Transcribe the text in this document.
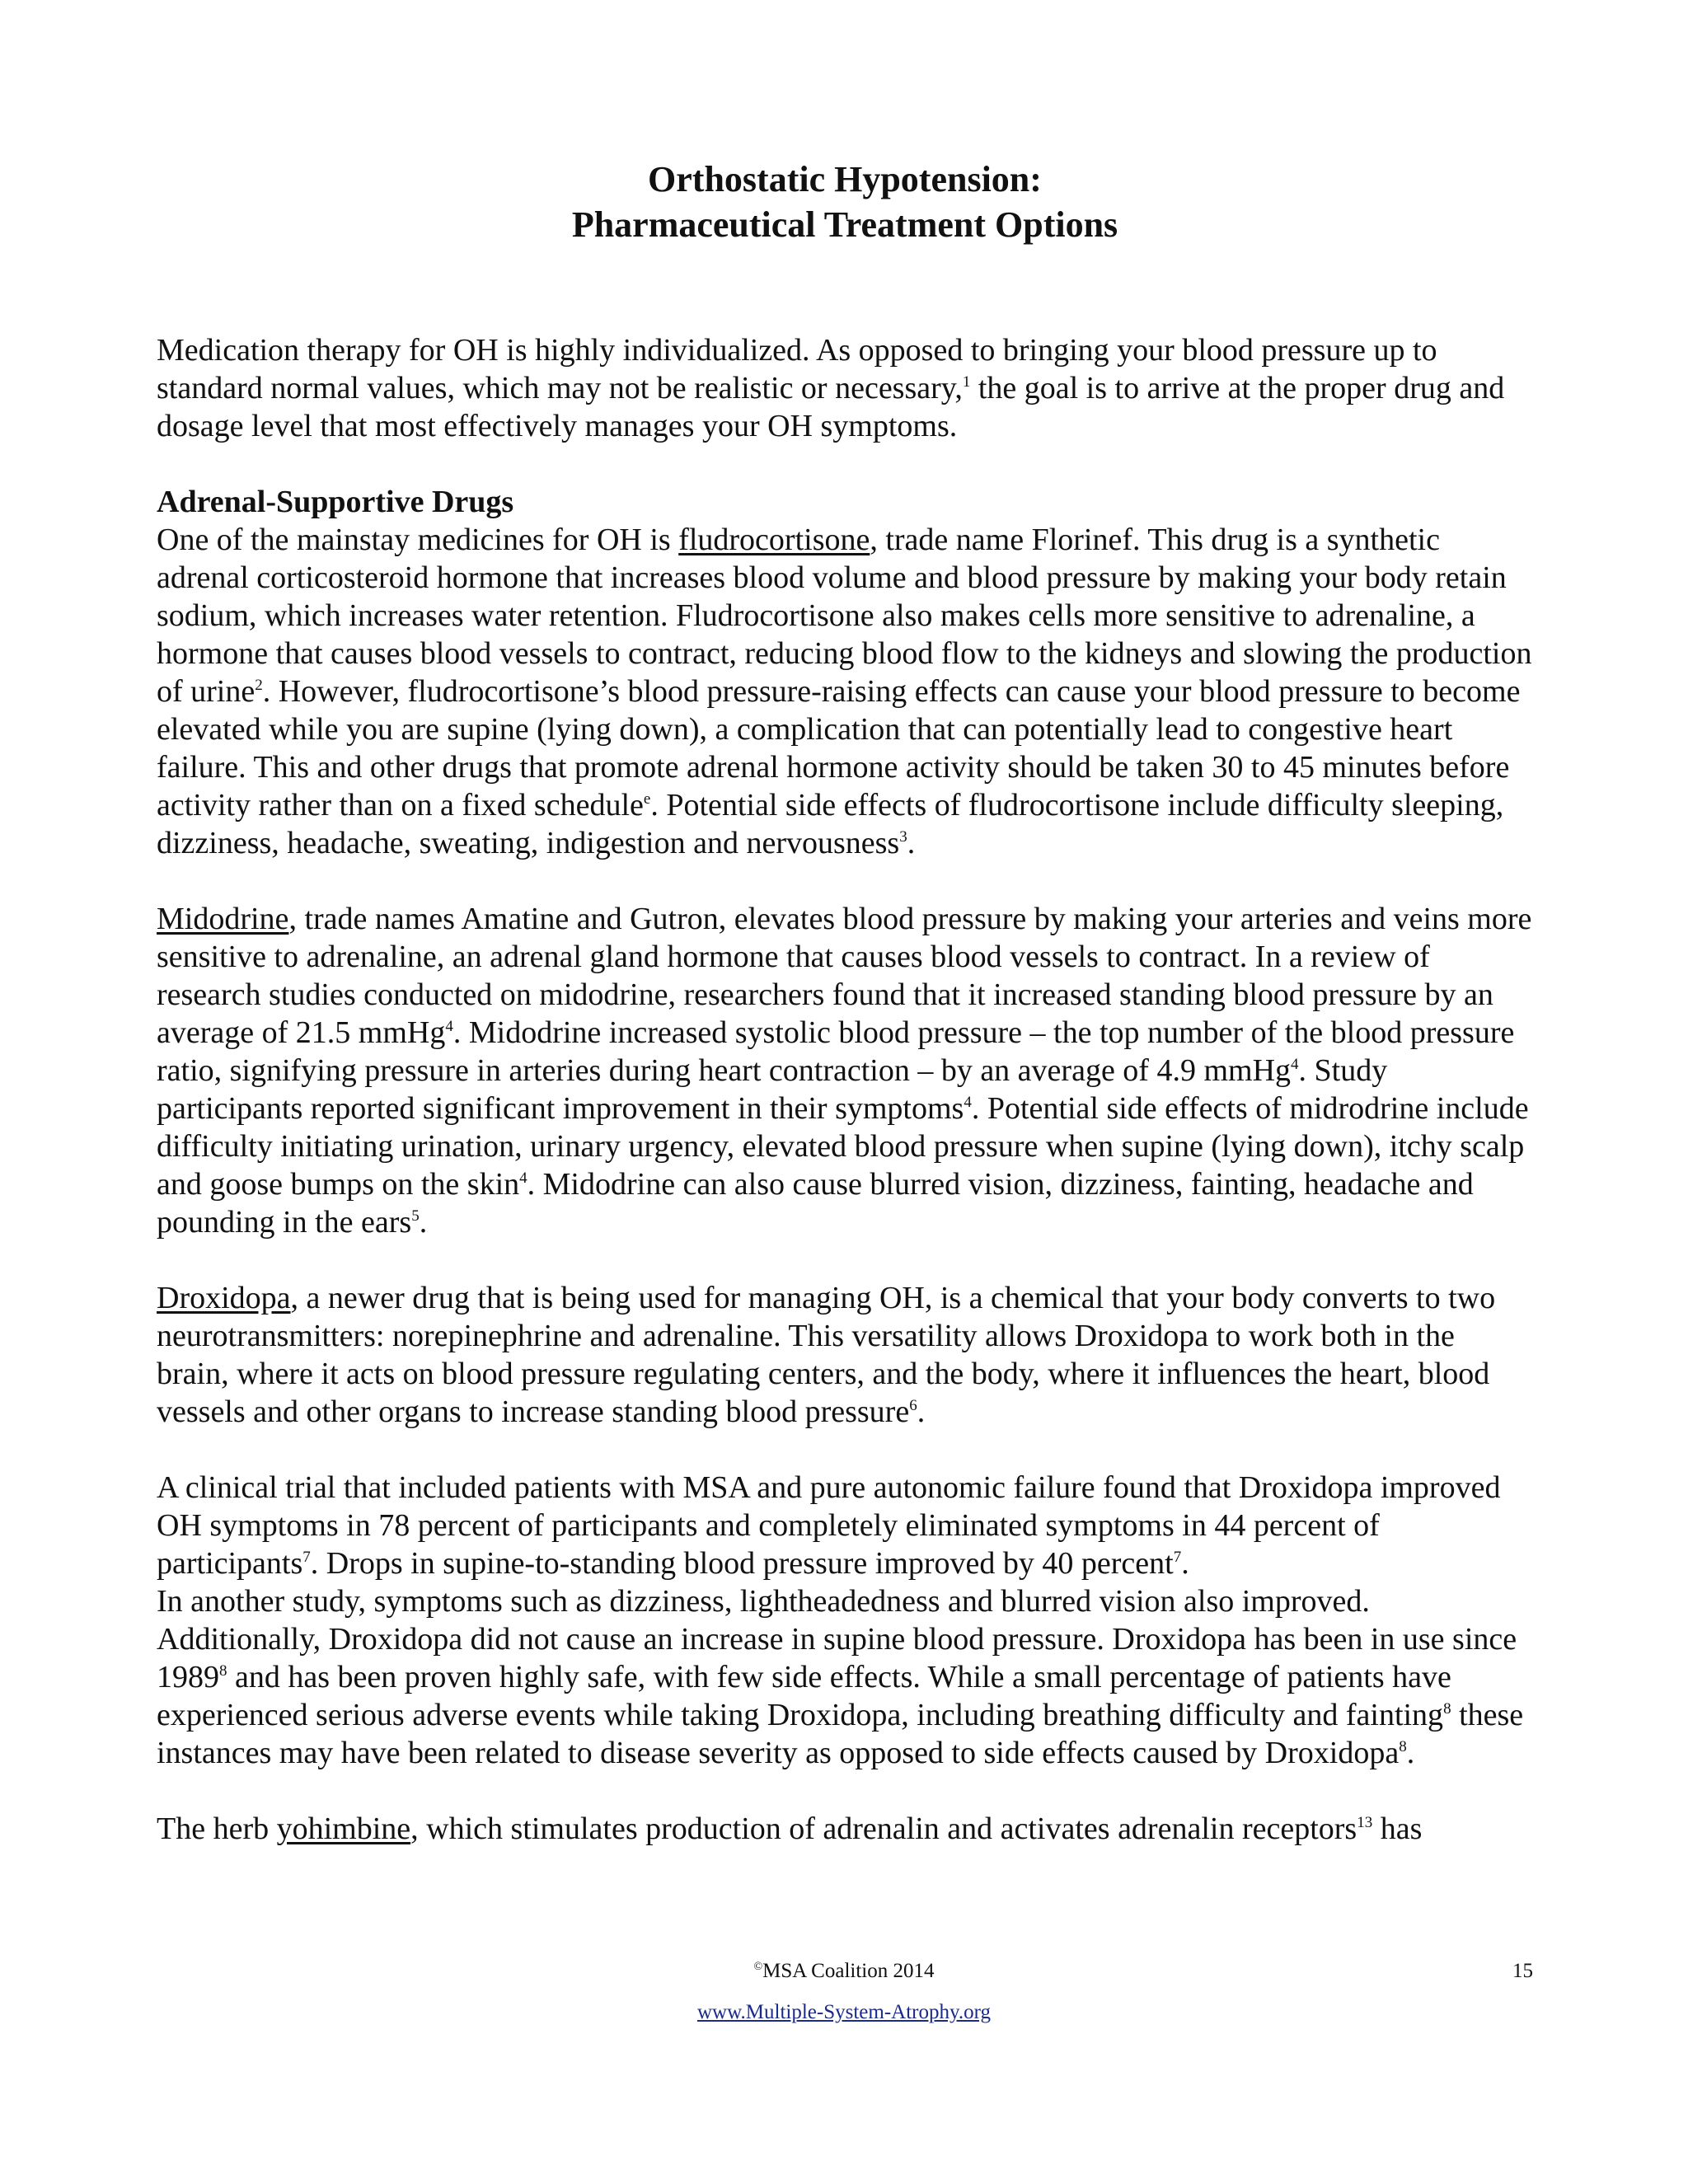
Orthostatic Hypotension:
Pharmaceutical Treatment Options

Medication therapy for OH is highly individualized. As opposed to bringing your blood pressure up to standard normal values, which may not be realistic or necessary,$^1$ the goal is to arrive at the proper drug and dosage level that most effectively manages your OH symptoms.

Adrenal-Supportive Drugs

One of the mainstay medicines for OH is fludrocortisone, trade name Florinef. This drug is a synthetic adrenal corticosteroid hormone that increases blood volume and blood pressure by making your body retain sodium, which increases water retention. Fludrocortisone also makes cells more sensitive to adrenaline, a hormone that causes blood vessels to contract, reducing blood flow to the kidneys and slowing the production of urine$^2$. However, fludrocortisone’s blood pressure-raising effects can cause your blood pressure to become elevated while you are supine (lying down), a complication that can potentially lead to congestive heart failure. This and other drugs that promote adrenal hormone activity should be taken 30 to 45 minutes before activity rather than on a fixed schedule$^e$. Potential side effects of fludrocortisone include difficulty sleeping, dizziness, headache, sweating, indigestion and nervousness$^3$.

Midodrine, trade names Amatine and Gutron, elevates blood pressure by making your arteries and veins more sensitive to adrenaline, an adrenal gland hormone that causes blood vessels to contract. In a review of research studies conducted on midodrine, researchers found that it increased standing blood pressure by an average of 21.5 mmHg$^4$. Midodrine increased systolic blood pressure – the top number of the blood pressure ratio, signifying pressure in arteries during heart contraction – by an average of 4.9 mmHg$^4$. Study participants reported significant improvement in their symptoms$^4$. Potential side effects of midrodrine include difficulty initiating urination, urinary urgency, elevated blood pressure when supine (lying down), itchy scalp and goose bumps on the skin$^4$. Midodrine can also cause blurred vision, dizziness, fainting, headache and pounding in the ears$^5$.

Droxidopa, a newer drug that is being used for managing OH, is a chemical that your body converts to two neurotransmitters: norepinephrine and adrenaline. This versatility allows Droxidopa to work both in the brain, where it acts on blood pressure regulating centers, and the body, where it influences the heart, blood vessels and other organs to increase standing blood pressure$^6$.

A clinical trial that included patients with MSA and pure autonomic failure found that Droxidopa improved OH symptoms in 78 percent of participants and completely eliminated symptoms in 44 percent of participants$^7$. Drops in supine-to-standing blood pressure improved by 40 percent$^7$.

In another study, symptoms such as dizziness, lightheadedness and blurred vision also improved. Additionally, Droxidopa did not cause an increase in supine blood pressure. Droxidopa has been in use since 1989$^8$ and has been proven highly safe, with few side effects. While a small percentage of patients have experienced serious adverse events while taking Droxidopa, including breathing difficulty and fainting$^8$ these instances may have been related to disease severity as opposed to side effects caused by Droxidopa$^8$.

The herb yohimbine, which stimulates production of adrenalin and activates adrenalin receptors$^{13}$ has

©MSA Coalition 2014	15
www.Multiple-System-Atrophy.org
